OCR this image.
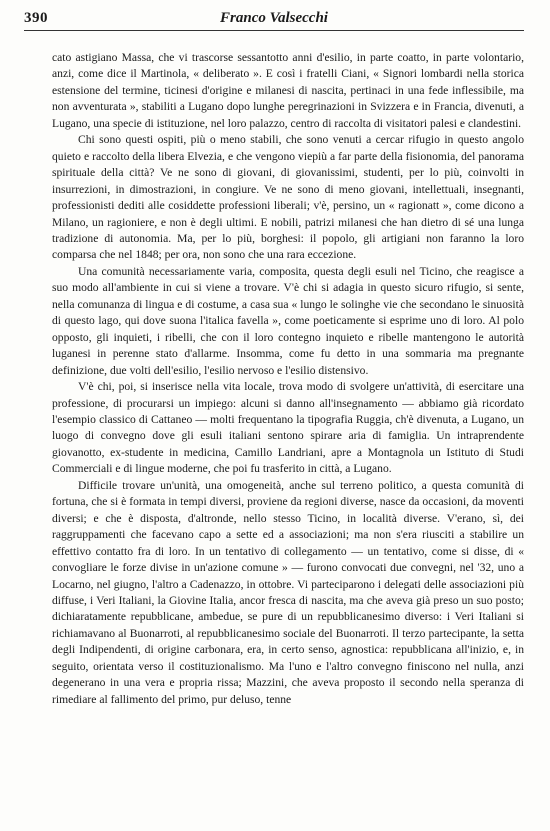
390	Franco Valsecchi

cato astigiano Massa, che vi trascorse sessantotto anni d'esilio, in parte coatto, in parte volontario, anzi, come dice il Martinola, « deliberato ». E così i fratelli Ciani, « Signori lombardi nella storica estensione del termine, ticinesi d'origine e milanesi di nascita, pertinaci in una fede inflessibile, ma non avventurata », stabiliti a Lugano dopo lunghe peregrinazioni in Svizzera e in Francia, divenuti, a Lugano, una specie di istituzione, nel loro palazzo, centro di raccolta di visitatori palesi e clandestini.

Chi sono questi ospiti, più o meno stabili, che sono venuti a cercar rifugio in questo angolo quieto e raccolto della libera Elvezia, e che vengono viepiù a far parte della fisionomia, del panorama spirituale della città? Ve ne sono di giovani, di giovanissimi, studenti, per lo più, coinvolti in insurrezioni, in dimostrazioni, in congiure. Ve ne sono di meno giovani, intellettuali, insegnanti, professionisti dediti alle cosiddette professioni liberali; v'è, persino, un « ragionatt », come dicono a Milano, un ragioniere, e non è degli ultimi. E nobili, patrizi milanesi che han dietro di sé una lunga tradizione di autonomia. Ma, per lo più, borghesi: il popolo, gli artigiani non faranno la loro comparsa che nel 1848; per ora, non sono che una rara eccezione.

Una comunità necessariamente varia, composita, questa degli esuli nel Ticino, che reagisce a suo modo all'ambiente in cui si viene a trovare. V'è chi si adagia in questo sicuro rifugio, si sente, nella comunanza di lingua e di costume, a casa sua « lungo le solinghe vie che secondano le sinuosità di questo lago, qui dove suona l'italica favella », come poeticamente si esprime uno di loro. Al polo opposto, gli inquieti, i ribelli, che con il loro contegno inquieto e ribelle mantengono le autorità luganesi in perenne stato d'allarme. Insomma, come fu detto in una sommaria ma pregnante definizione, due volti dell'esilio, l'esilio nervoso e l'esilio distensivo.

V'è chi, poi, si inserisce nella vita locale, trova modo di svolgere un'attività, di esercitare una professione, di procurarsi un impiego: alcuni si danno all'insegnamento — abbiamo già ricordato l'esempio classico di Cattaneo — molti frequentano la tipografia Ruggia, ch'è divenuta, a Lugano, un luogo di convegno dove gli esuli italiani sentono spirare aria di famiglia. Un intraprendente giovanotto, ex-studente in medicina, Camillo Landriani, apre a Montagnola un Istituto di Studi Commerciali e di lingue moderne, che poi fu trasferito in città, a Lugano.

Difficile trovare un'unità, una omogeneità, anche sul terreno politico, a questa comunità di fortuna, che si è formata in tempi diversi, proviene da regioni diverse, nasce da occasioni, da moventi diversi; e che è disposta, d'altronde, nello stesso Ticino, in località diverse. V'erano, sì, dei raggruppamenti che facevano capo a sette ed a associazioni; ma non s'era riusciti a stabilire un effettivo contatto fra di loro. In un tentativo di collegamento — un tentativo, come si disse, di « convogliare le forze divise in un'azione comune » — furono convocati due convegni, nel '32, uno a Locarno, nel giugno, l'altro a Cadenazzo, in ottobre. Vi parteciparono i delegati delle associazioni più diffuse, i Veri Italiani, la Giovine Italia, ancor fresca di nascita, ma che aveva già preso un suo posto; dichiaratamente repubblicane, ambedue, se pure di un repubblicanesimo diverso: i Veri Italiani si richiamavano al Buonarroti, al repubblicanesimo sociale del Buonarroti. Il terzo partecipante, la setta degli Indipendenti, di origine carbonara, era, in certo senso, agnostica: repubblicana all'inizio, e, in seguito, orientata verso il costituzionalismo. Ma l'uno e l'altro convegno finiscono nel nulla, anzi degenerano in una vera e propria rissa; Mazzini, che aveva proposto il secondo nella speranza di rimediare al fallimento del primo, pur deluso, tenne
